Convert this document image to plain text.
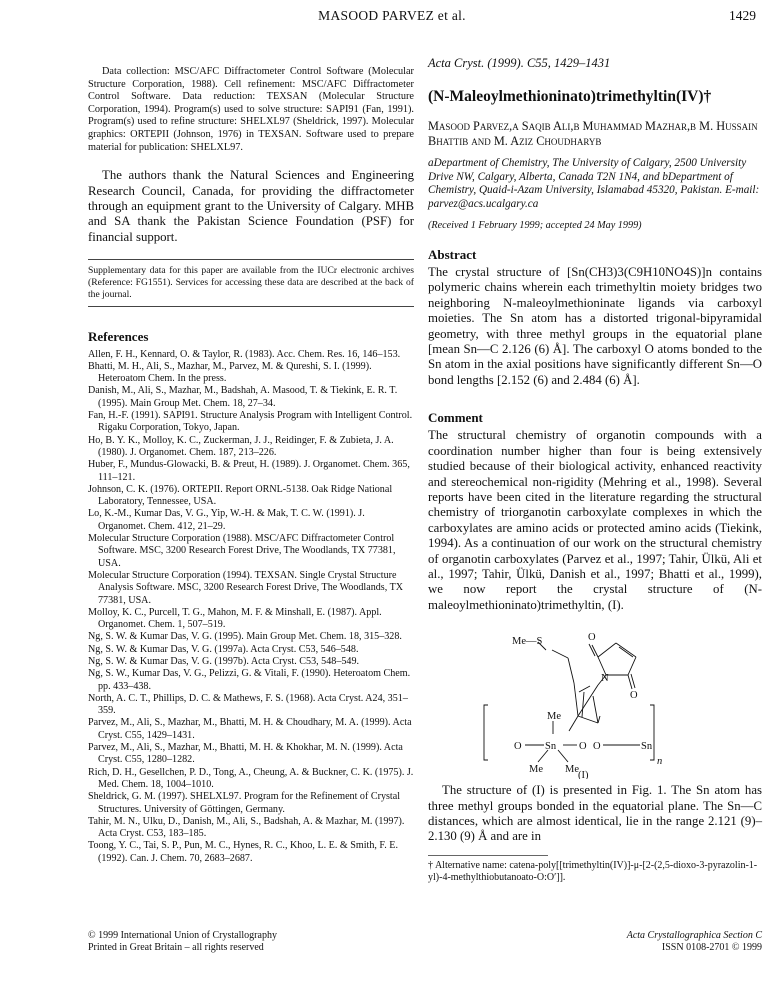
MASOOD PARVEZ et al.	1429

Data collection: MSC/AFC Diffractometer Control Software (Molecular Structure Corporation, 1988). Cell refinement: MSC/AFC Diffractometer Control Software. Data reduction: TEXSAN (Molecular Structure Corporation, 1994). Program(s) used to solve structure: SAPI91 (Fan, 1991). Program(s) used to refine structure: SHELXL97 (Sheldrick, 1997). Molecular graphics: ORTEPII (Johnson, 1976) in TEXSAN. Software used to prepare material for publication: SHELXL97.

The authors thank the Natural Sciences and Engineering Research Council, Canada, for providing the diffractometer through an equipment grant to the University of Calgary. MHB and SA thank the Pakistan Science Foundation (PSF) for financial support.

Supplementary data for this paper are available from the IUCr electronic archives (Reference: FG1551). Services for accessing these data are described at the back of the journal.

References
Allen, F. H., Kennard, O. & Taylor, R. (1983). Acc. Chem. Res. 16, 146–153.
Bhatti, M. H., Ali, S., Mazhar, M., Parvez, M. & Qureshi, S. I. (1999). Heteroatom Chem. In the press.
Danish, M., Ali, S., Mazhar, M., Badshah, A. Masood, T. & Tiekink, E. R. T. (1995). Main Group Met. Chem. 18, 27–34.
Fan, H.-F. (1991). SAPI91. Structure Analysis Program with Intelligent Control. Rigaku Corporation, Tokyo, Japan.
Ho, B. Y. K., Molloy, K. C., Zuckerman, J. J., Reidinger, F. & Zubieta, J. A. (1980). J. Organomet. Chem. 187, 213–226.
Huber, F., Mundus-Glowacki, B. & Preut, H. (1989). J. Organomet. Chem. 365, 111–121.
Johnson, C. K. (1976). ORTEPII. Report ORNL-5138. Oak Ridge National Laboratory, Tennessee, USA.
Lo, K.-M., Kumar Das, V. G., Yip, W.-H. & Mak, T. C. W. (1991). J. Organomet. Chem. 412, 21–29.
Molecular Structure Corporation (1988). MSC/AFC Diffractometer Control Software. MSC, 3200 Research Forest Drive, The Woodlands, TX 77381, USA.
Molecular Structure Corporation (1994). TEXSAN. Single Crystal Structure Analysis Software. MSC, 3200 Research Forest Drive, The Woodlands, TX 77381, USA.
Molloy, K. C., Purcell, T. G., Mahon, M. F. & Minshall, E. (1987). Appl. Organomet. Chem. 1, 507–519.
Ng, S. W. & Kumar Das, V. G. (1995). Main Group Met. Chem. 18, 315–328.
Ng, S. W. & Kumar Das, V. G. (1997a). Acta Cryst. C53, 546–548.
Ng, S. W. & Kumar Das, V. G. (1997b). Acta Cryst. C53, 548–549.
Ng, S. W., Kumar Das, V. G., Pelizzi, G. & Vitali, F. (1990). Heteroatom Chem. pp. 433–438.
North, A. C. T., Phillips, D. C. & Mathews, F. S. (1968). Acta Cryst. A24, 351–359.
Parvez, M., Ali, S., Mazhar, M., Bhatti, M. H. & Choudhary, M. A. (1999). Acta Cryst. C55, 1429–1431.
Parvez, M., Ali, S., Mazhar, M., Bhatti, M. H. & Khokhar, M. N. (1999). Acta Cryst. C55, 1280–1282.
Rich, D. H., Gesellchen, P. D., Tong, A., Cheung, A. & Buckner, C. K. (1975). J. Med. Chem. 18, 1004–1010.
Sheldrick, G. M. (1997). SHELXL97. Program for the Refinement of Crystal Structures. University of Göttingen, Germany.
Tahir, M. N., Ulku, D., Danish, M., Ali, S., Badshah, A. & Mazhar, M. (1997). Acta Cryst. C53, 183–185.
Toong, Y. C., Tai, S. P., Pun, M. C., Hynes, R. C., Khoo, L. E. & Smith, F. E. (1992). Can. J. Chem. 70, 2683–2687.
© 1999 International Union of Crystallography
Printed in Great Britain – all rights reserved

Acta Cryst. (1999). C55, 1429–1431

(N-Maleoylmethioninato)trimethyltin(IV)†

Masood Parvez,a Saqib Ali,b Muhammad Mazhar,b M. Hussain Bhattib and M. Aziz Choudharyb

aDepartment of Chemistry, The University of Calgary, 2500 University Drive NW, Calgary, Alberta, Canada T2N 1N4, and bDepartment of Chemistry, Quaid-i-Azam University, Islamabad 45320, Pakistan. E-mail: parvez@acs.ucalgary.ca

(Received 1 February 1999; accepted 24 May 1999)

Abstract

The crystal structure of [Sn(CH3)3(C9H10NO4S)]n contains polymeric chains wherein each trimethyltin moiety bridges two neighboring N-maleoylmethioninate ligands via carboxyl moieties. The Sn atom has a distorted trigonal-bipyramidal geometry, with three methyl groups in the equatorial plane [mean Sn—C 2.126 (6) Å]. The carboxyl O atoms bonded to the Sn atom in the axial positions have significantly different Sn—O bond lengths [2.152 (6) and 2.484 (6) Å].

Comment

The structural chemistry of organotin compounds with a coordination number higher than four is being extensively studied because of their biological activity, enhanced reactivity and stereochemical non-rigidity (Mehring et al., 1998). Several reports have been cited in the literature regarding the structural chemistry of triorganotin carboxylate complexes in which the carboxylates are amino acids or protected amino acids (Tiekink, 1994). As a continuation of our work on the structural chemistry of organotin carboxylates (Parvez et al., 1997; Tahir, Ülkü, Ali et al., 1997; Tahir, Ülkü, Danish et al., 1997; Bhatti et al., 1999), we now report the crystal structure of (N-maleoylmethioninato)trimethyltin, (I).

Me—S	O
N
O
Me
O Sn O O	Sn
Me Me
n
(I)

The structure of (I) is presented in Fig. 1. The Sn atom has three methyl groups bonded in the equatorial plane. The Sn—C distances, which are almost identical, lie in the range 2.121 (9)–2.130 (9) Å and are in

† Alternative name: catena-poly[[trimethyltin(IV)]-μ-[2-(2,5-dioxo-3-pyrazolin-1-yl)-4-methylthiobutanoato-O:O′]].

Acta Crystallographica Section C
ISSN 0108-2701 © 1999
